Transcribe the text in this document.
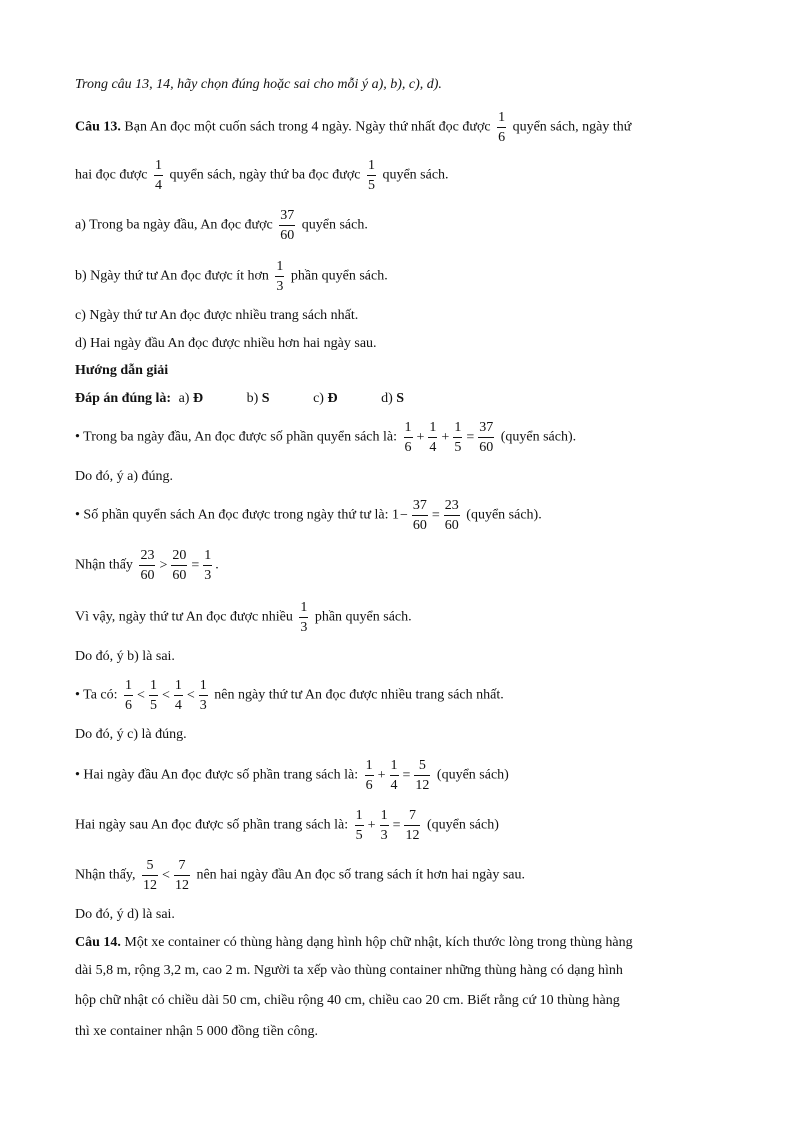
Trong câu 13, 14, hãy chọn đúng hoặc sai cho mỗi ý a), b), c), d).
Câu 13. Bạn An đọc một cuốn sách trong 4 ngày. Ngày thứ nhất đọc được $\frac{1}{6}$ quyển sách, ngày thứ
hai đọc được $\frac{1}{4}$ quyển sách, ngày thứ ba đọc được $\frac{1}{5}$ quyển sách.
a) Trong ba ngày đầu, An đọc được $\frac{37}{60}$ quyển sách.
b) Ngày thứ tư An đọc được ít hơn $\frac{1}{3}$ phần quyển sách.
c) Ngày thứ tư An đọc được nhiều trang sách nhất.
d) Hai ngày đầu An đọc được nhiều hơn hai ngày sau.
Hướng dẫn giải
Đáp án đúng là: a) Đ	b) S	c) Đ	d) S
• Trong ba ngày đầu, An đọc được số phần quyển sách là: $\frac{1}{6} + \frac{1}{4} + \frac{1}{5} = \frac{37}{60}$ (quyển sách).
Do đó, ý a) đúng.
• Số phần quyển sách An đọc được trong ngày thứ tư là: $1- \frac{37}{60} = \frac{23}{60}$ (quyển sách).
Nhận thấy $\frac{23}{60} > \frac{20}{60} = \frac{1}{3}$ .
Vì vậy, ngày thứ tư An đọc được nhiều $\frac{1}{3}$ phần quyển sách.
Do đó, ý b) là sai.
• Ta có: $\frac{1}{6} < \frac{1}{5} < \frac{1}{4} < \frac{1}{3}$ nên ngày thứ tư An đọc được nhiều trang sách nhất.
Do đó, ý c) là đúng.
• Hai ngày đầu An đọc được số phần trang sách là: $\frac{1}{6} + \frac{1}{4} = \frac{5}{12}$ (quyển sách)
Hai ngày sau An đọc được số phần trang sách là: $\frac{1}{5} + \frac{1}{3} = \frac{7}{12}$ (quyển sách)
Nhận thấy, $\frac{5}{12} < \frac{7}{12}$ nên hai ngày đầu An đọc số trang sách ít hơn hai ngày sau.
Do đó, ý d) là sai.
Câu 14. Một xe container có thùng hàng dạng hình hộp chữ nhật, kích thước lòng trong thùng hàng
dài 5,8 m, rộng 3,2 m, cao 2 m. Người ta xếp vào thùng container những thùng hàng có dạng hình
hộp chữ nhật có chiều dài 50 cm, chiều rộng 40 cm, chiều cao 20 cm. Biết rằng cứ 10 thùng hàng
thì xe container nhận 5 000 đồng tiền công.
